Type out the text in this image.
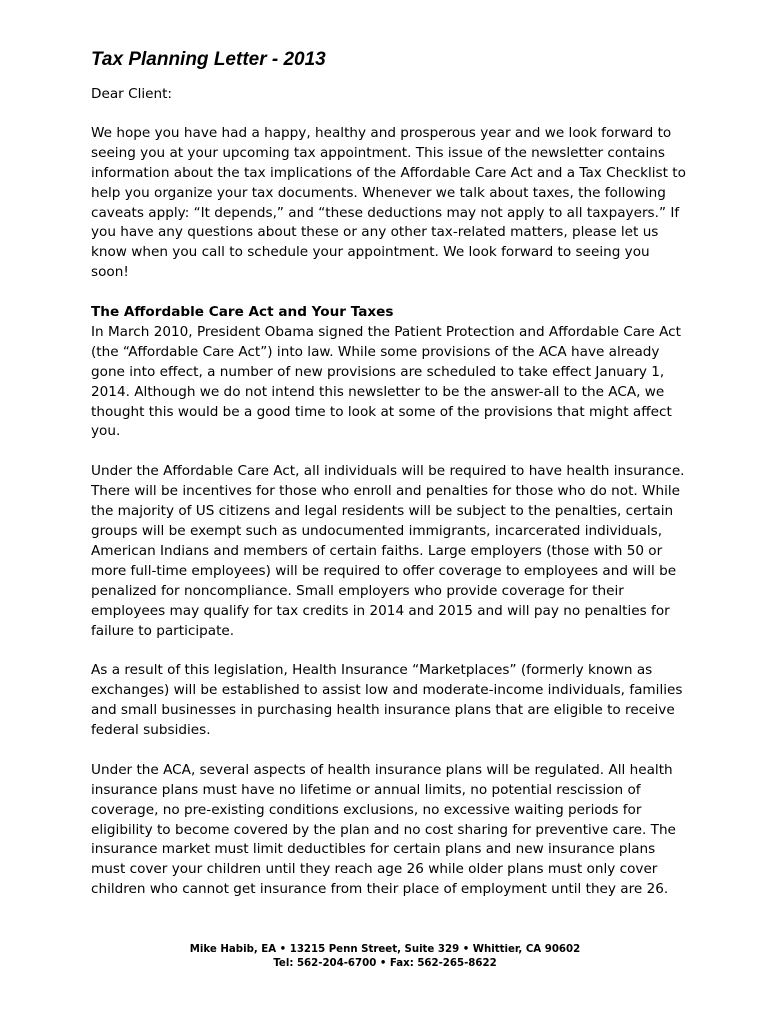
Tax Planning Letter - 2013

Dear Client:

We hope you have had a happy, healthy and prosperous year and we look forward to seeing you at your upcoming tax appointment. This issue of the newsletter contains information about the tax implications of the Affordable Care Act and a Tax Checklist to help you organize your tax documents. Whenever we talk about taxes, the following caveats apply: “It depends,” and “these deductions may not apply to all taxpayers.” If you have any questions about these or any other tax-related matters, please let us know when you call to schedule your appointment. We look forward to seeing you soon!

The Affordable Care Act and Your Taxes

In March 2010, President Obama signed the Patient Protection and Affordable Care Act (the “Affordable Care Act”) into law. While some provisions of the ACA have already gone into effect, a number of new provisions are scheduled to take effect January 1, 2014. Although we do not intend this newsletter to be the answer-all to the ACA, we thought this would be a good time to look at some of the provisions that might affect you.

Under the Affordable Care Act, all individuals will be required to have health insurance. There will be incentives for those who enroll and penalties for those who do not. While the majority of US citizens and legal residents will be subject to the penalties, certain groups will be exempt such as undocumented immigrants, incarcerated individuals, American Indians and members of certain faiths. Large employers (those with 50 or more full-time employees) will be required to offer coverage to employees and will be penalized for noncompliance. Small employers who provide coverage for their employees may qualify for tax credits in 2014 and 2015 and will pay no penalties for failure to participate.

As a result of this legislation, Health Insurance “Marketplaces” (formerly known as exchanges) will be established to assist low and moderate-income individuals, families and small businesses in purchasing health insurance plans that are eligible to receive federal subsidies.

Under the ACA, several aspects of health insurance plans will be regulated. All health insurance plans must have no lifetime or annual limits, no potential rescission of coverage, no pre-existing conditions exclusions, no excessive waiting periods for eligibility to become covered by the plan and no cost sharing for preventive care. The insurance market must limit deductibles for certain plans and new insurance plans must cover your children until they reach age 26 while older plans must only cover children who cannot get insurance from their place of employment until they are 26.

Mike Habib, EA • 13215 Penn Street, Suite 329 • Whittier, CA 90602
Tel: 562-204-6700 • Fax: 562-265-8622
